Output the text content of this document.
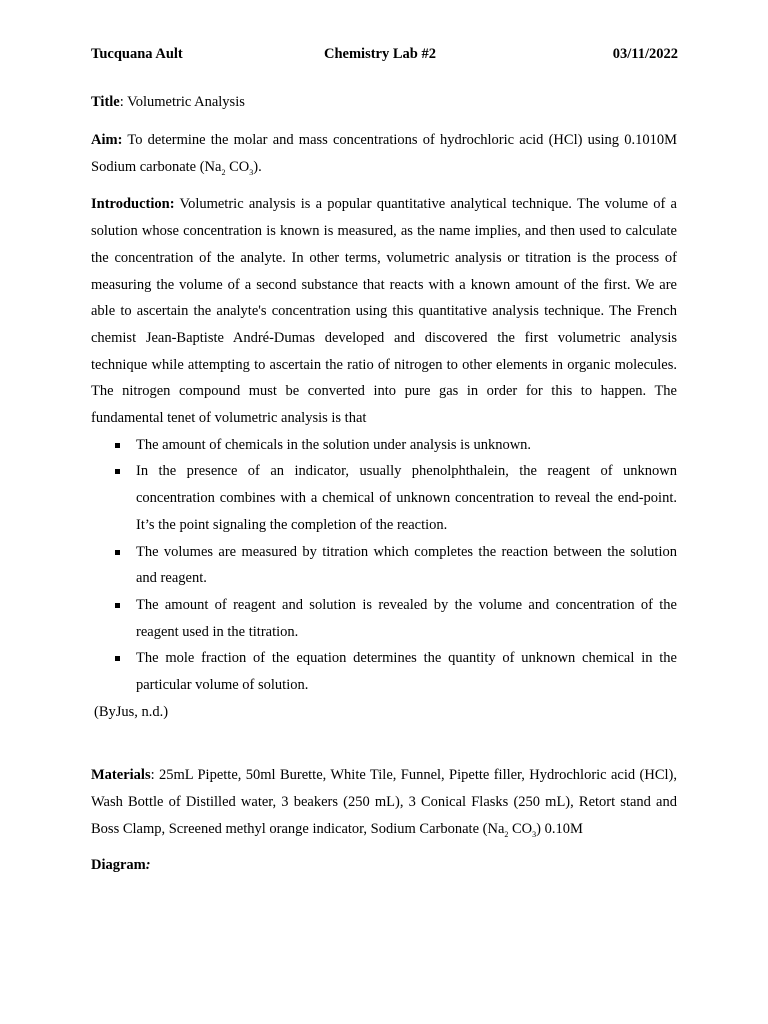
Tucquana Ault	Chemistry Lab #2	03/11/2022

Title: Volumetric Analysis

Aim: To determine the molar and mass concentrations of hydrochloric acid (HCl) using 0.1010M Sodium carbonate ($Na_2$ $CO_3$).

Introduction: Volumetric analysis is a popular quantitative analytical technique. The volume of a solution whose concentration is known is measured, as the name implies, and then used to calculate the concentration of the analyte. In other terms, volumetric analysis or titration is the process of measuring the volume of a second substance that reacts with a known amount of the first. We are able to ascertain the analyte's concentration using this quantitative analysis technique. The French chemist Jean-Baptiste André-Dumas developed and discovered the first volumetric analysis technique while attempting to ascertain the ratio of nitrogen to other elements in organic molecules. The nitrogen compound must be converted into pure gas in order for this to happen. The fundamental tenet of volumetric analysis is that

The amount of chemicals in the solution under analysis is unknown.
In the presence of an indicator, usually phenolphthalein, the reagent of unknown concentration combines with a chemical of unknown concentration to reveal the end-point. It’s the point signaling the completion of the reaction.
The volumes are measured by titration which completes the reaction between the solution and reagent.
The amount of reagent and solution is revealed by the volume and concentration of the reagent used in the titration.
The mole fraction of the equation determines the quantity of unknown chemical in the particular volume of solution.

(ByJus, n.d.)

Materials: 25mL Pipette, 50ml Burette, White Tile, Funnel, Pipette filler, Hydrochloric acid (HCl), Wash Bottle of Distilled water, 3 beakers (250 mL), 3 Conical Flasks (250 mL), Retort stand and Boss Clamp, Screened methyl orange indicator, Sodium Carbonate ($Na_2$ $CO_3$) 0.10M

Diagram:
